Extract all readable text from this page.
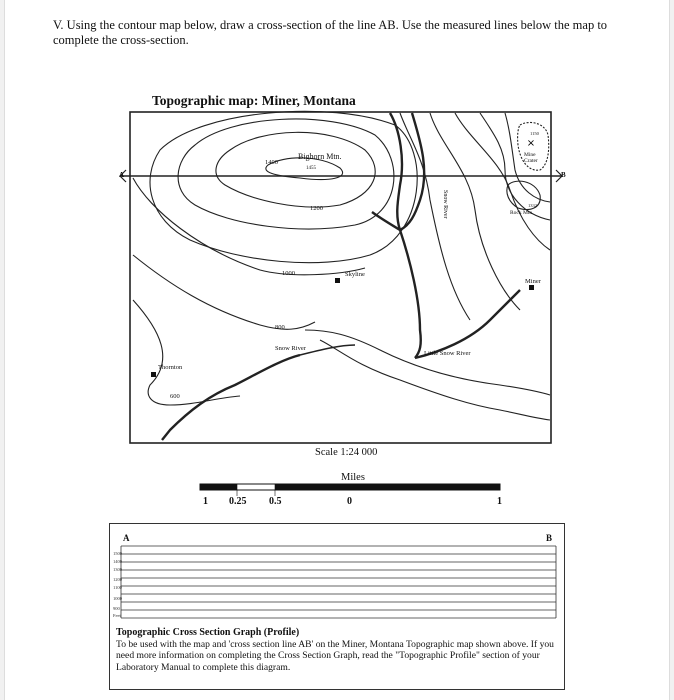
V. Using the contour map below, draw a cross-section of the line AB. Use the measured lines below the map to complete the cross-section.
Topographic map: Miner, Montana
×
1400
Bighorn Mtn.
1455
1200
1000	Skyline
800
Snow River
Snow River
Little Snow River
Thornton
600
Miner
Mine Crater
1150
Rock Mtn.
1332
A	B
Scale 1:24 000
Miles
1 0.25 0.5	0	1
A	B
1500
1400
1300
1200
1100
1000
900
Feet
Topographic Cross Section Graph (Profile)
To be used with the map and 'cross section line AB' on the Miner, Montana Topographic map shown above. If you need more information on completing the Cross Section Graph, read the "Topographic Profile" section of your Laboratory Manual to complete this diagram.
